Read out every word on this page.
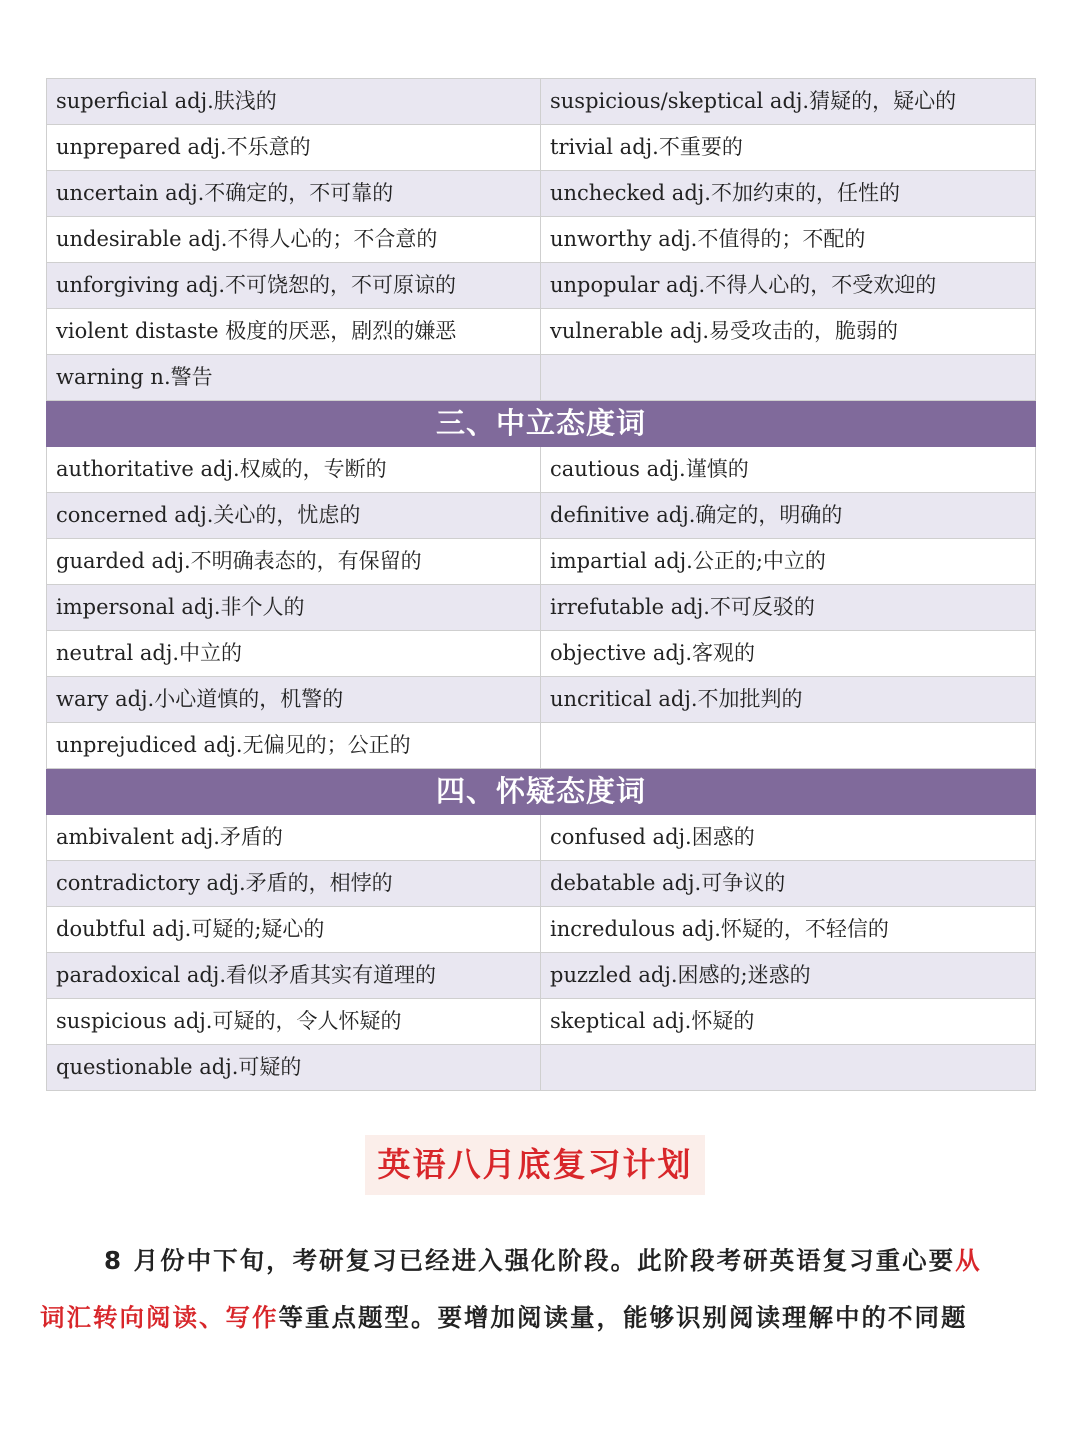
superficial adj.肤浅的	suspicious/skeptical adj.猜疑的，疑心的
unprepared adj.不乐意的	trivial adj.不重要的
uncertain adj.不确定的，不可靠的	unchecked adj.不加约束的，任性的
undesirable adj.不得人心的；不合意的	unworthy adj.不值得的；不配的
unforgiving adj.不可饶恕的，不可原谅的	unpopular adj.不得人心的，不受欢迎的
violent distaste 极度的厌恶，剧烈的嫌恶	vulnerable adj.易受攻击的，脆弱的
warning n.警告	
三、中立态度词	
authoritative adj.权威的，专断的	cautious adj.谨慎的
concerned adj.关心的，忧虑的	definitive adj.确定的，明确的
guarded adj.不明确表态的，有保留的	impartial adj.公正的;中立的
impersonal adj.非个人的	irrefutable adj.不可反驳的
neutral adj.中立的	objective adj.客观的
wary adj.小心道慎的，机警的	uncritical adj.不加批判的
unprejudiced adj.无偏见的；公正的	
四、怀疑态度词	
ambivalent adj.矛盾的	confused adj.困惑的
contradictory adj.矛盾的，相悖的	debatable adj.可争议的
doubtful adj.可疑的;疑心的	incredulous adj.怀疑的，不轻信的
paradoxical adj.看似矛盾其实有道理的	puzzled adj.困感的;迷惑的
suspicious adj.可疑的，令人怀疑的	skeptical adj.怀疑的
questionable adj.可疑的	
英语八月底复习计划
8 月份中下旬，考研复习已经进入强化阶段。此阶段考研英语复习重心要从
词汇转向阅读、写作等重点题型。要增加阅读量，能够识别阅读理解中的不同题
